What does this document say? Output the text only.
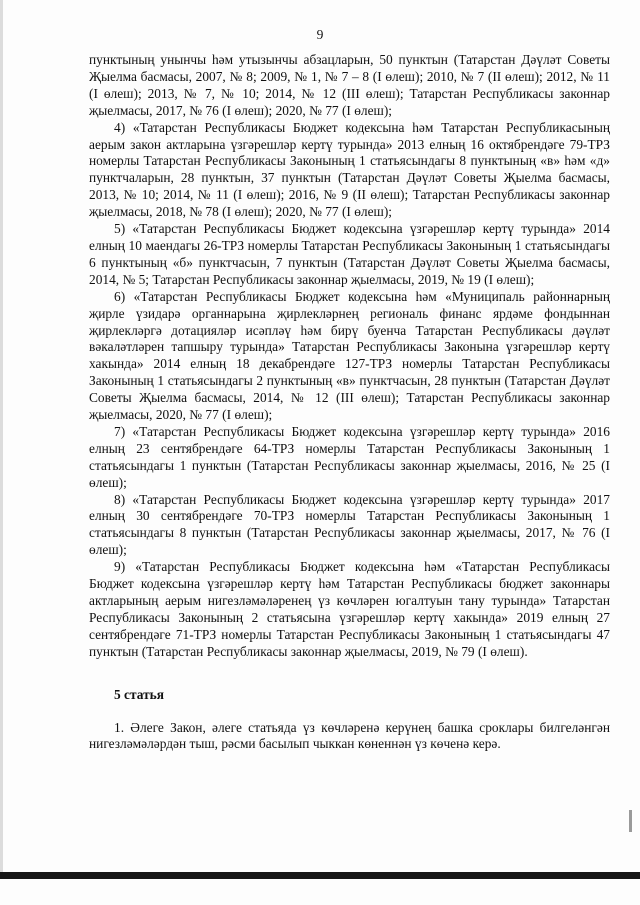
9

пунктының унынчы һәм утызынчы абзацларын, 50 пунктын (Татарстан Дәүләт Советы Җыелма басмасы, 2007, № 8; 2009, № 1, № 7 – 8 (I өлеш); 2010, № 7 (II өлеш); 2012, № 11 (I өлеш); 2013, № 7, № 10; 2014, № 12 (III өлеш); Татарстан Республикасы законнар җыелмасы, 2017, № 76 (I өлеш); 2020, № 77 (I өлеш);

4) «Татарстан Республикасы Бюджет кодексына һәм Татарстан Республикасының аерым закон актларына үзгәрешләр кертү турында» 2013 елның 16 октябрендәге 79-ТРЗ номерлы Татарстан Республикасы Законының 1 статьясындагы 8 пунктының «в» һәм «д» пунктчаларын, 28 пунктын, 37 пунктын (Татарстан Дәүләт Советы Җыелма басмасы, 2013, № 10; 2014, № 11 (I өлеш); 2016, № 9 (II өлеш); Татарстан Республикасы законнар җыелмасы, 2018, № 78 (I өлеш); 2020, № 77 (I өлеш);

5) «Татарстан Республикасы Бюджет кодексына үзгәрешләр кертү турында» 2014 елның 10 маендагы 26-ТРЗ номерлы Татарстан Республикасы Законының 1 статьясындагы 6 пунктының «б» пунктчасын, 7 пунктын (Татарстан Дәүләт Советы Җыелма басмасы, 2014, № 5; Татарстан Республикасы законнар җыелмасы, 2019, № 19 (I өлеш);

6) «Татарстан Республикасы Бюджет кодексына һәм «Муниципаль районнарның җирле үзидарә органнарына җирлекләрнең региональ финанс ярдәме фондыннан җирлекләргә дотацияләр исәпләү һәм бирү буенча Татарстан Республикасы дәүләт вәкаләтләрен тапшыру турында» Татарстан Республикасы Законына үзгәрешләр кертү хакында» 2014 елның 18 декабрендәге 127-ТРЗ номерлы Татарстан Республикасы Законының 1 статьясындагы 2 пунктының «в» пунктчасын, 28 пунктын (Татарстан Дәүләт Советы Җыелма басмасы, 2014, № 12 (III өлеш); Татарстан Республикасы законнар җыелмасы, 2020, № 77 (I өлеш);

7) «Татарстан Республикасы Бюджет кодексына үзгәрешләр кертү турында» 2016 елның 23 сентябрендәге 64-ТРЗ номерлы Татарстан Республикасы Законының 1 статьясындагы 1 пунктын (Татарстан Республикасы законнар җыелмасы, 2016, № 25 (I өлеш);

8) «Татарстан Республикасы Бюджет кодексына үзгәрешләр кертү турында» 2017 елның 30 сентябрендәге 70-ТРЗ номерлы Татарстан Республикасы Законының 1 статьясындагы 8 пунктын (Татарстан Республикасы законнар җыелмасы, 2017, № 76 (I өлеш);

9) «Татарстан Республикасы Бюджет кодексына һәм «Татарстан Республикасы Бюджет кодексына үзгәрешләр кертү һәм Татарстан Республикасы бюджет законнары актларының аерым нигезләмәләренең үз көчләрен югалтуын тану турында» Татарстан Республикасы Законының 2 статьясына үзгәрешләр кертү хакында» 2019 елның 27 сентябрендәге 71-ТРЗ номерлы Татарстан Республикасы Законының 1 статьясындагы 47 пунктын (Татарстан Республикасы законнар җыелмасы, 2019, № 79 (I өлеш).

5 статья

1. Әлеге Закон, әлеге статьяда үз көчләренә керүнең башка сроклары билгеләнгән нигезләмәләрдән тыш, рәсми басылып чыккан көненнән үз көченә керә.
